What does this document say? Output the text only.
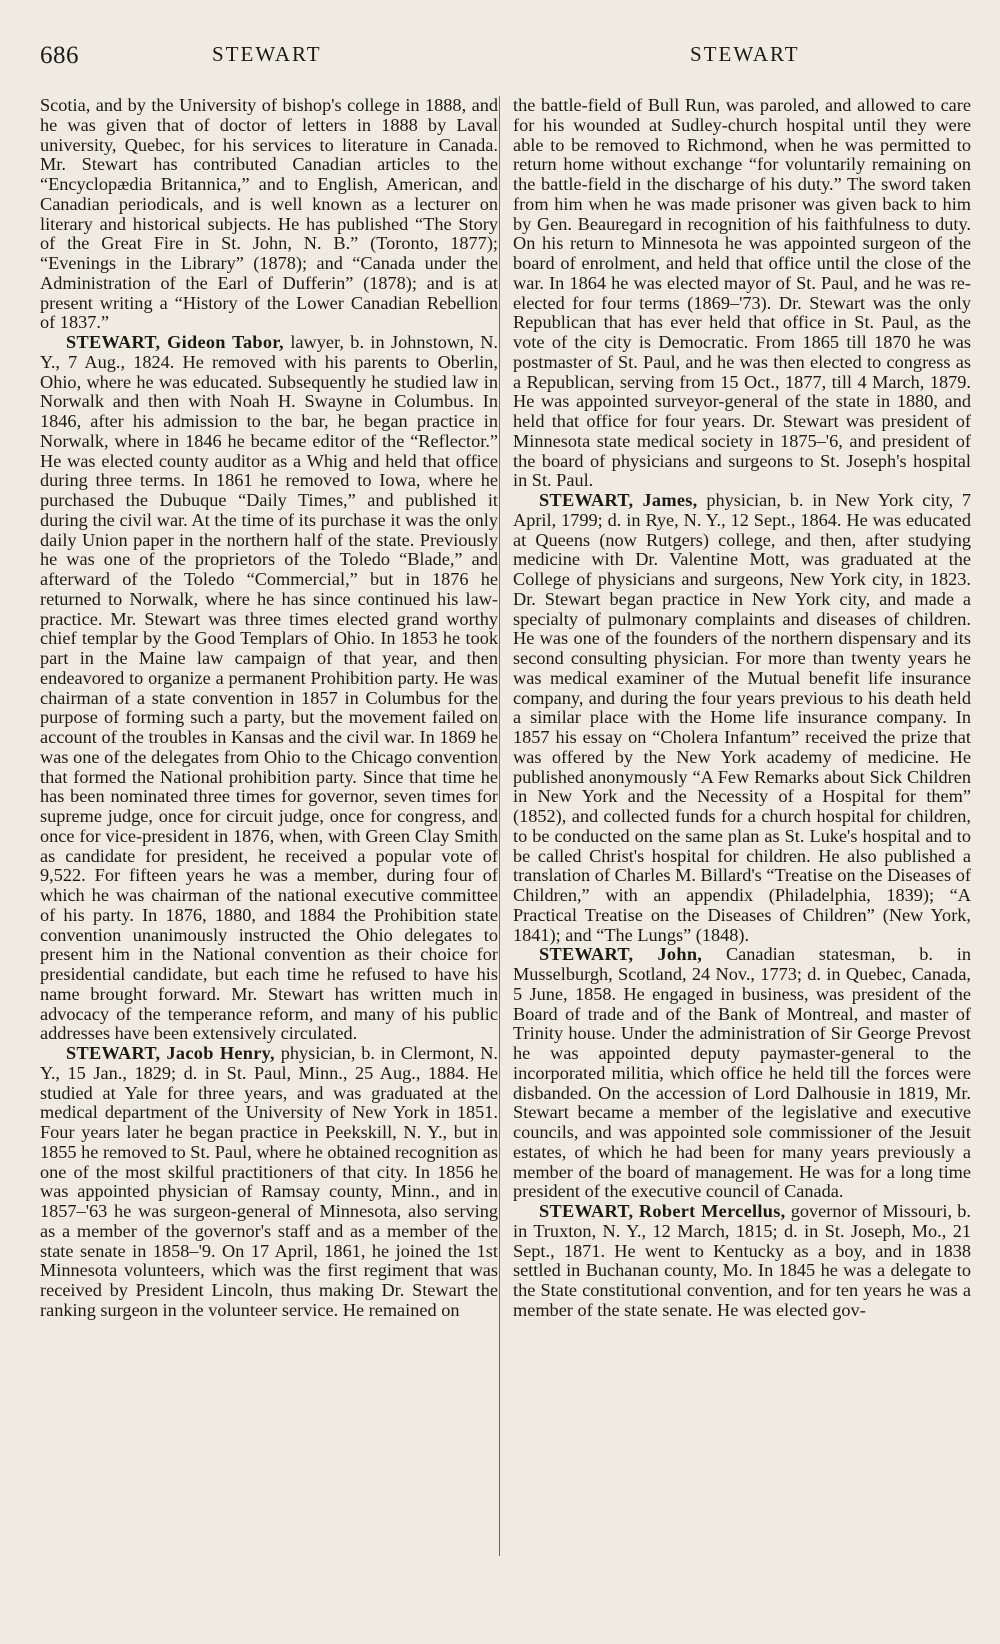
686	STEWART	STEWART

Scotia, and by the University of bishop's college in 1888, and he was given that of doctor of letters in 1888 by Laval university, Quebec, for his services to literature in Canada. Mr. Stewart has contributed Canadian articles to the “Encyclopædia Britannica,” and to English, American, and Canadian periodicals, and is well known as a lecturer on literary and historical subjects. He has published “The Story of the Great Fire in St. John, N. B.” (Toronto, 1877); “Evenings in the Library” (1878); and “Canada under the Administration of the Earl of Dufferin” (1878); and is at present writing a “History of the Lower Canadian Rebellion of 1837.”

STEWART, Gideon Tabor, lawyer, b. in Johnstown, N. Y., 7 Aug., 1824. He removed with his parents to Oberlin, Ohio, where he was educated. Subsequently he studied law in Norwalk and then with Noah H. Swayne in Columbus. In 1846, after his admission to the bar, he began practice in Norwalk, where in 1846 he became editor of the “Reflector.” He was elected county auditor as a Whig and held that office during three terms. In 1861 he removed to Iowa, where he purchased the Dubuque “Daily Times,” and published it during the civil war. At the time of its purchase it was the only daily Union paper in the northern half of the state. Previously he was one of the proprietors of the Toledo “Blade,” and afterward of the Toledo “Commercial,” but in 1876 he returned to Norwalk, where he has since continued his law-practice. Mr. Stewart was three times elected grand worthy chief templar by the Good Templars of Ohio. In 1853 he took part in the Maine law campaign of that year, and then endeavored to organize a permanent Prohibition party. He was chairman of a state convention in 1857 in Columbus for the purpose of forming such a party, but the movement failed on account of the troubles in Kansas and the civil war. In 1869 he was one of the delegates from Ohio to the Chicago convention that formed the National prohibition party. Since that time he has been nominated three times for governor, seven times for supreme judge, once for circuit judge, once for congress, and once for vice-president in 1876, when, with Green Clay Smith as candidate for president, he received a popular vote of 9,522. For fifteen years he was a member, during four of which he was chairman of the national executive committee of his party. In 1876, 1880, and 1884 the Prohibition state convention unanimously instructed the Ohio delegates to present him in the National convention as their choice for presidential candidate, but each time he refused to have his name brought forward. Mr. Stewart has written much in advocacy of the temperance reform, and many of his public addresses have been extensively circulated.

STEWART, Jacob Henry, physician, b. in Clermont, N. Y., 15 Jan., 1829; d. in St. Paul, Minn., 25 Aug., 1884. He studied at Yale for three years, and was graduated at the medical department of the University of New York in 1851. Four years later he began practice in Peekskill, N. Y., but in 1855 he removed to St. Paul, where he obtained recognition as one of the most skilful practitioners of that city. In 1856 he was appointed physician of Ramsay county, Minn., and in 1857–'63 he was surgeon-general of Minnesota, also serving as a member of the governor's staff and as a member of the state senate in 1858–'9. On 17 April, 1861, he joined the 1st Minnesota volunteers, which was the first regiment that was received by President Lincoln, thus making Dr. Stewart the ranking surgeon in the volunteer service. He remained on

the battle-field of Bull Run, was paroled, and allowed to care for his wounded at Sudley-church hospital until they were able to be removed to Richmond, when he was permitted to return home without exchange “for voluntarily remaining on the battle-field in the discharge of his duty.” The sword taken from him when he was made prisoner was given back to him by Gen. Beauregard in recognition of his faithfulness to duty. On his return to Minnesota he was appointed surgeon of the board of enrolment, and held that office until the close of the war. In 1864 he was elected mayor of St. Paul, and he was re-elected for four terms (1869–'73). Dr. Stewart was the only Republican that has ever held that office in St. Paul, as the vote of the city is Democratic. From 1865 till 1870 he was postmaster of St. Paul, and he was then elected to congress as a Republican, serving from 15 Oct., 1877, till 4 March, 1879. He was appointed surveyor-general of the state in 1880, and held that office for four years. Dr. Stewart was president of Minnesota state medical society in 1875–'6, and president of the board of physicians and surgeons to St. Joseph's hospital in St. Paul.

STEWART, James, physician, b. in New York city, 7 April, 1799; d. in Rye, N. Y., 12 Sept., 1864. He was educated at Queens (now Rutgers) college, and then, after studying medicine with Dr. Valentine Mott, was graduated at the College of physicians and surgeons, New York city, in 1823. Dr. Stewart began practice in New York city, and made a specialty of pulmonary complaints and diseases of children. He was one of the founders of the northern dispensary and its second consulting physician. For more than twenty years he was medical examiner of the Mutual benefit life insurance company, and during the four years previous to his death held a similar place with the Home life insurance company. In 1857 his essay on “Cholera Infantum” received the prize that was offered by the New York academy of medicine. He published anonymously “A Few Remarks about Sick Children in New York and the Necessity of a Hospital for them” (1852), and collected funds for a church hospital for children, to be conducted on the same plan as St. Luke's hospital and to be called Christ's hospital for children. He also published a translation of Charles M. Billard's “Treatise on the Diseases of Children,” with an appendix (Philadelphia, 1839); “A Practical Treatise on the Diseases of Children” (New York, 1841); and “The Lungs” (1848).

STEWART, John, Canadian statesman, b. in Musselburgh, Scotland, 24 Nov., 1773; d. in Quebec, Canada, 5 June, 1858. He engaged in business, was president of the Board of trade and of the Bank of Montreal, and master of Trinity house. Under the administration of Sir George Prevost he was appointed deputy paymaster-general to the incorporated militia, which office he held till the forces were disbanded. On the accession of Lord Dalhousie in 1819, Mr. Stewart became a member of the legislative and executive councils, and was appointed sole commissioner of the Jesuit estates, of which he had been for many years previously a member of the board of management. He was for a long time president of the executive council of Canada.

STEWART, Robert Mercellus, governor of Missouri, b. in Truxton, N. Y., 12 March, 1815; d. in St. Joseph, Mo., 21 Sept., 1871. He went to Kentucky as a boy, and in 1838 settled in Buchanan county, Mo. In 1845 he was a delegate to the State constitutional convention, and for ten years he was a member of the state senate. He was elected gov-
